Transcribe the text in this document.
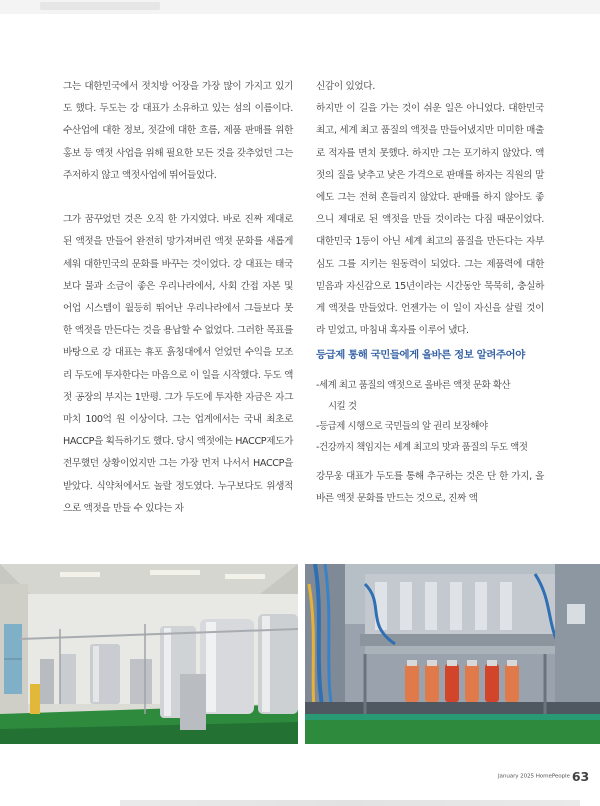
그는 대한민국에서 젓치방 어장을 가장 많이 가지고 있기도 했다. 두도는 강 대표가 소유하고 있는 섬의 이름이다. 수산업에 대한 정보, 젓갈에 대한 흐름, 제품 판매를 위한 홍보 등 액젓 사업을 위해 필요한 모든 것을 갖추었던 그는 주저하지 않고 액젓사업에 뛰어들었다.

그가 꿈꾸었던 것은 오직 한 가지였다. 바로 진짜 제대로 된 액젓을 만들어 완전히 망가져버린 액젓 문화를 새롭게 세워 대한민국의 문화를 바꾸는 것이었다. 강 대표는 태국보다 물과 소금이 좋은 우리나라에서, 사회 간접 자본 및 어업 시스템이 월등히 뛰어난 우리나라에서 그들보다 못한 액젓을 만든다는 것을 용납할 수 없었다. 그러한 목표를 바탕으로 강 대표는 휴포 흙칭대에서 얻었던 수익을 모조리 두도에 투자한다는 마음으로 이 일을 시작했다. 두도 액젓 공장의 부지는 1만평. 그가 두도에 투자한 자금은 자그마치 100억 원 이상이다. 그는 업계에서는 국내 최초로 HACCP을 획득하기도 했다. 당시 액젓에는 HACCP제도가 전무했던 상황이었지만 그는 가장 먼저 나서서 HACCP을 받았다. 식약처에서도 놀랄 정도였다. 누구보다도 위생적으로 액젓을 만들 수 있다는 자

신감이 있었다.

하지만 이 길을 가는 것이 쉬운 일은 아니었다. 대한민국 최고, 세계 최고 품질의 액젓을 만들어냈지만 미미한 매출로 적자를 면치 못했다. 하지만 그는 포기하지 않았다. 액젓의 질을 낮추고 낮은 가격으로 판매를 하자는 직원의 말에도 그는 전혀 흔들리지 않았다. 판매를 하지 않아도 좋으니 제대로 된 액젓을 만들 것이라는 다짐 때문이었다. 대한민국 1등이 아닌 세계 최고의 품질을 만든다는 자부심도 그를 지키는 원동력이 되었다. 그는 제품력에 대한 믿음과 자신감으로 15년이라는 시간동안 묵묵히, 충실하게 액젓을 만들었다. 언젠가는 이 일이 자신을 살릴 것이라 믿었고, 마침내 흑자를 이루어 냈다.

등급제 통해 국민들에게 올바른 정보 알려주어야
-세계 최고 품질의 액젓으로 올바른 액젓 문화 확산
시킬 것
-등급제 시행으로 국민들의 알 권리 보장해야
-건강까지 책임지는 세계 최고의 맛과 품질의 두도 액젓
강무웅 대표가 두도를 통해 추구하는 것은 단 한 가지, 올바른 액젓 문화를 만드는 것으로, 진짜 액
January 2025 HomePeople 63
